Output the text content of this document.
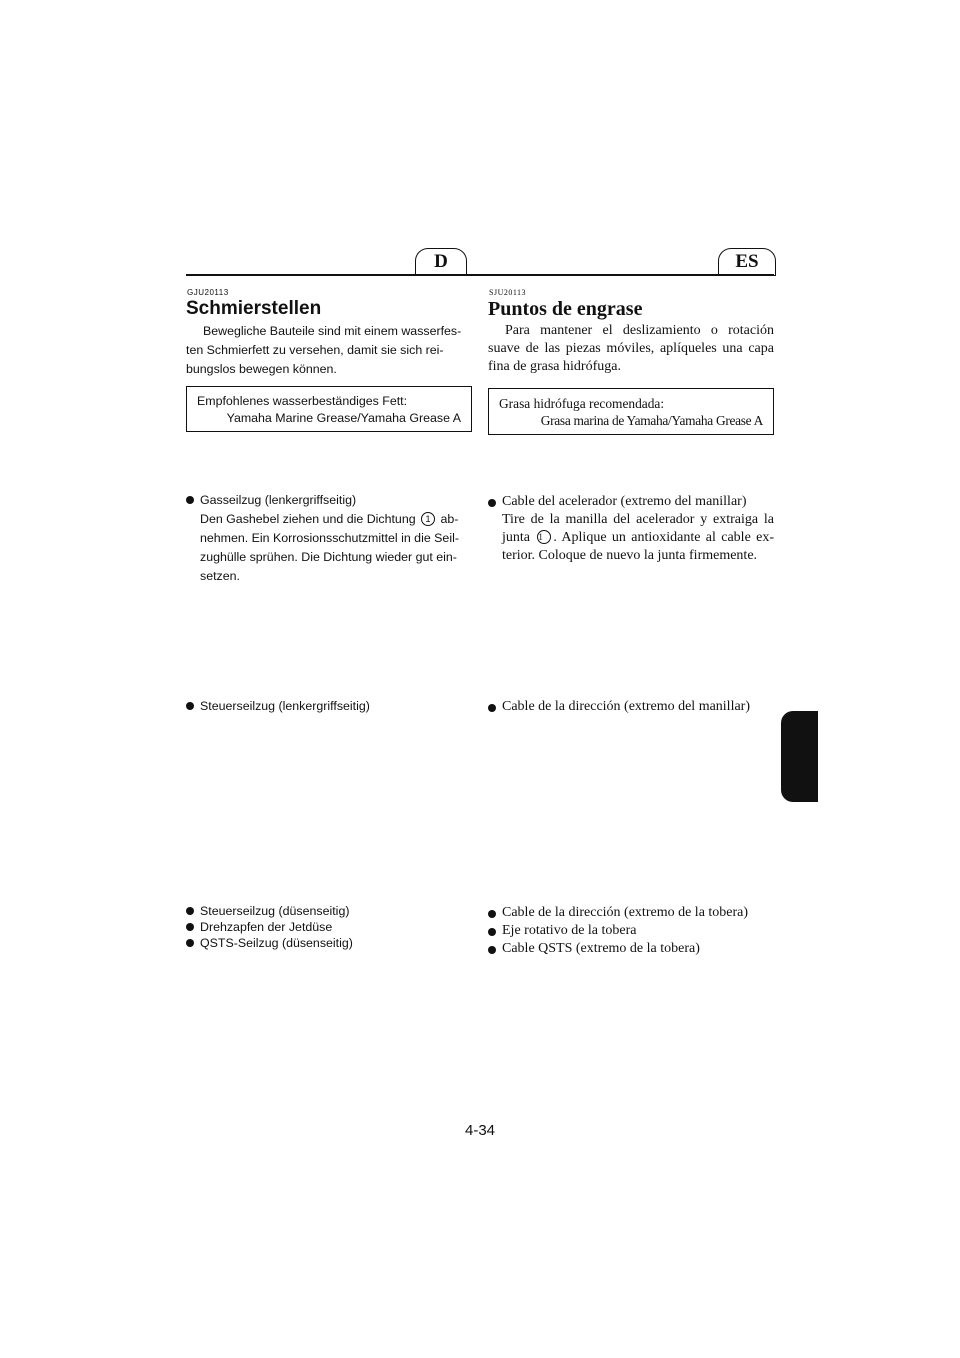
D	ES
GJU20113
Schmierstellen
Bewegliche Bauteile sind mit einem wasserfes-
ten Schmierfett zu versehen, damit sie sich rei-
bungslos bewegen können.
Empfohlenes wasserbeständiges Fett:
Yamaha Marine Grease/Yamaha Grease A
Gasseilzug (lenkergriffseitig)
Den Gashebel ziehen und die Dichtung 1 ab-
nehmen. Ein Korrosionsschutzmittel in die Seil-
zughülle sprühen. Die Dichtung wieder gut ein-
setzen.
Steuerseilzug (lenkergriffseitig)
Steuerseilzug (düsenseitig)
Drehzapfen der Jetdüse
QSTS-Seilzug (düsenseitig)
SJU20113
Puntos de engrase
Para mantener el deslizamiento o rotación
suave de las piezas móviles, aplíqueles una capa
fina de grasa hidrófuga.
Grasa hidrófuga recomendada:
Grasa marina de Yamaha/Yamaha Grease A
Cable del acelerador (extremo del manillar)
Tire de la manilla del acelerador y extraiga la
junta 1 . Aplique un antioxidante al cable ex-
terior. Coloque de nuevo la junta firmemente.
Cable de la dirección (extremo del manillar)
Cable de la dirección (extremo de la tobera)
Eje rotativo de la tobera
Cable QSTS (extremo de la tobera)
4-34
